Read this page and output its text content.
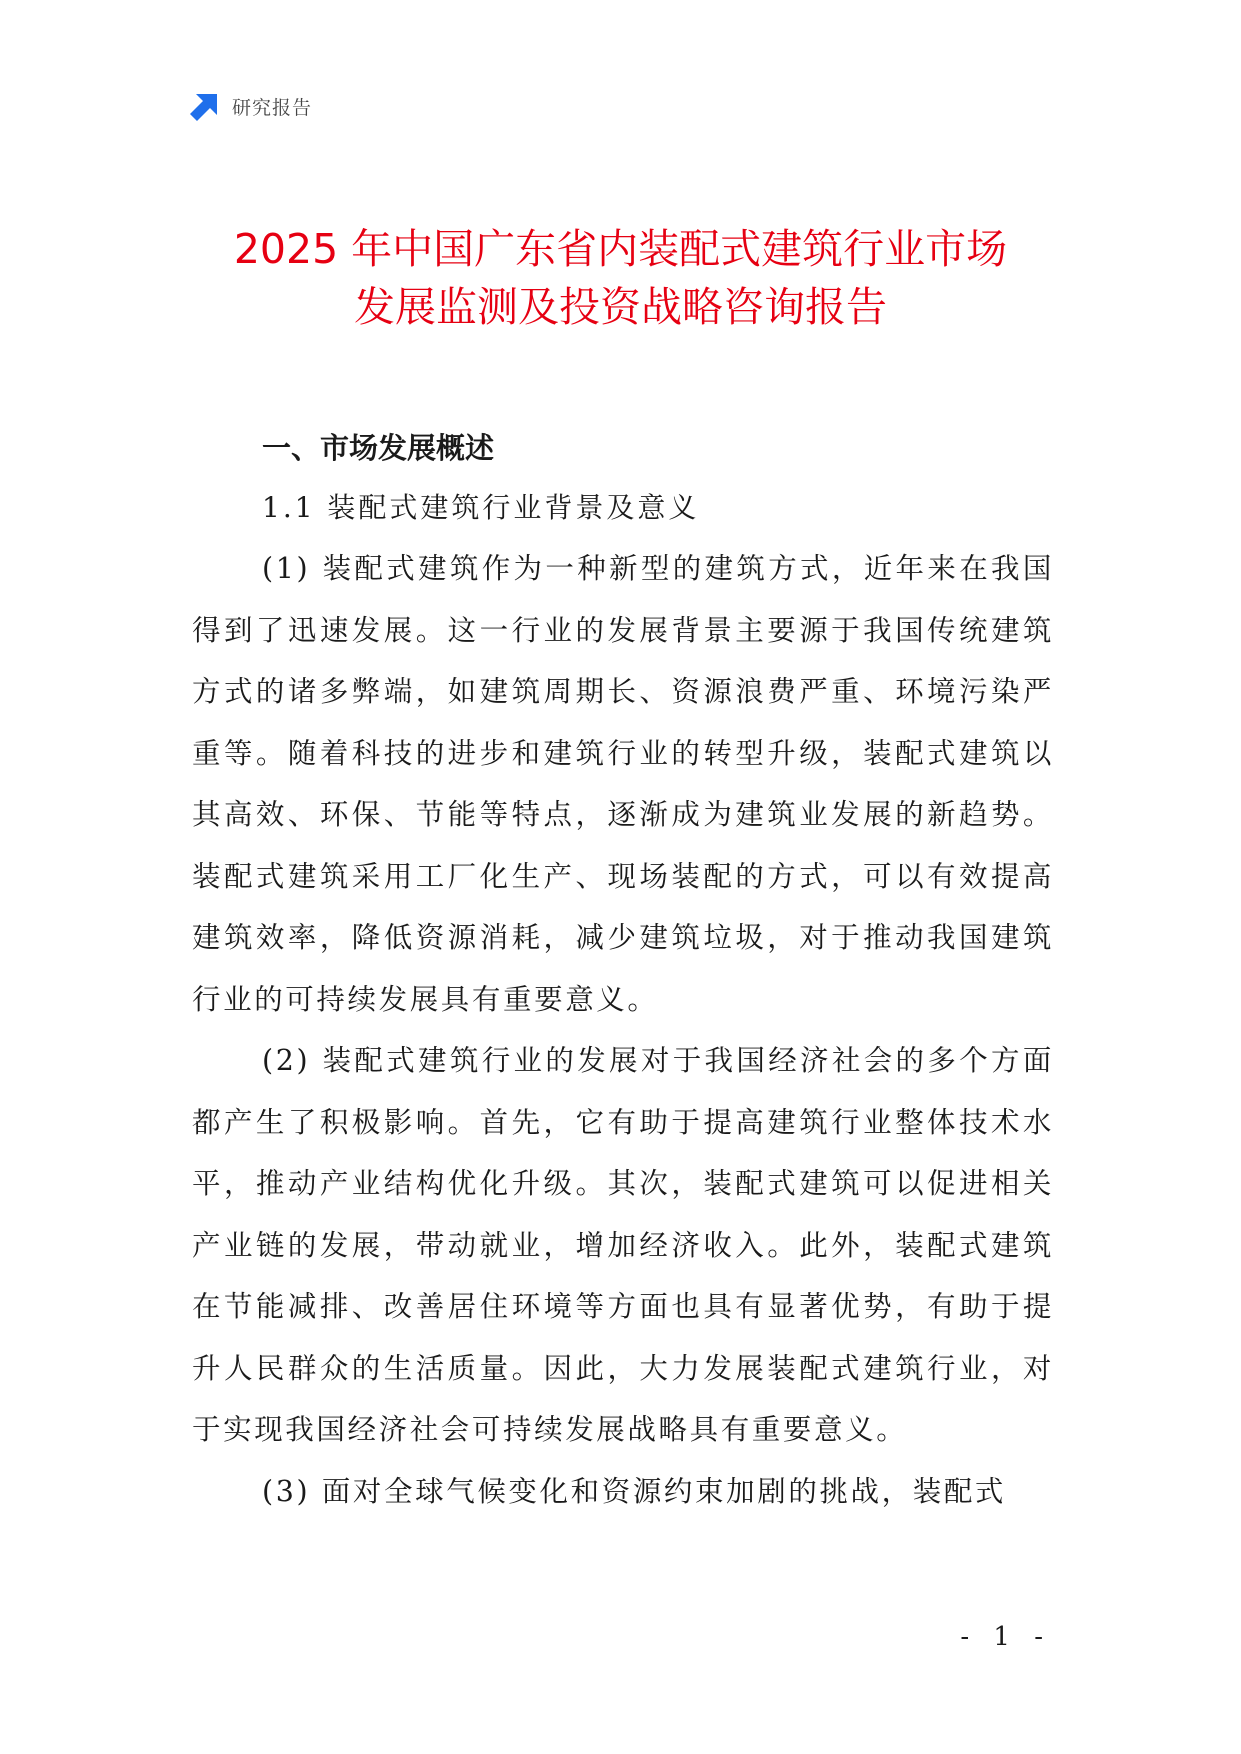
研究报告
2025 年中国广东省内装配式建筑行业市场
发展监测及投资战略咨询报告
一、市场发展概述
1.1 装配式建筑行业背景及意义

(1) 装配式建筑作为一种新型的建筑方式，近年来在我国得到了迅速发展。这一行业的发展背景主要源于我国传统建筑方式的诸多弊端，如建筑周期长、资源浪费严重、环境污染严重等。随着科技的进步和建筑行业的转型升级，装配式建筑以其高效、环保、节能等特点，逐渐成为建筑业发展的新趋势。装配式建筑采用工厂化生产、现场装配的方式，可以有效提高建筑效率，降低资源消耗，减少建筑垃圾，对于推动我国建筑行业的可持续发展具有重要意义。

(2) 装配式建筑行业的发展对于我国经济社会的多个方面都产生了积极影响。首先，它有助于提高建筑行业整体技术水平，推动产业结构优化升级。其次，装配式建筑可以促进相关产业链的发展，带动就业，增加经济收入。此外，装配式建筑在节能减排、改善居住环境等方面也具有显著优势，有助于提升人民群众的生活质量。因此，大力发展装配式建筑行业，对于实现我国经济社会可持续发展战略具有重要意义。

(3) 面对全球气候变化和资源约束加剧的挑战，装配式

- 1 -
